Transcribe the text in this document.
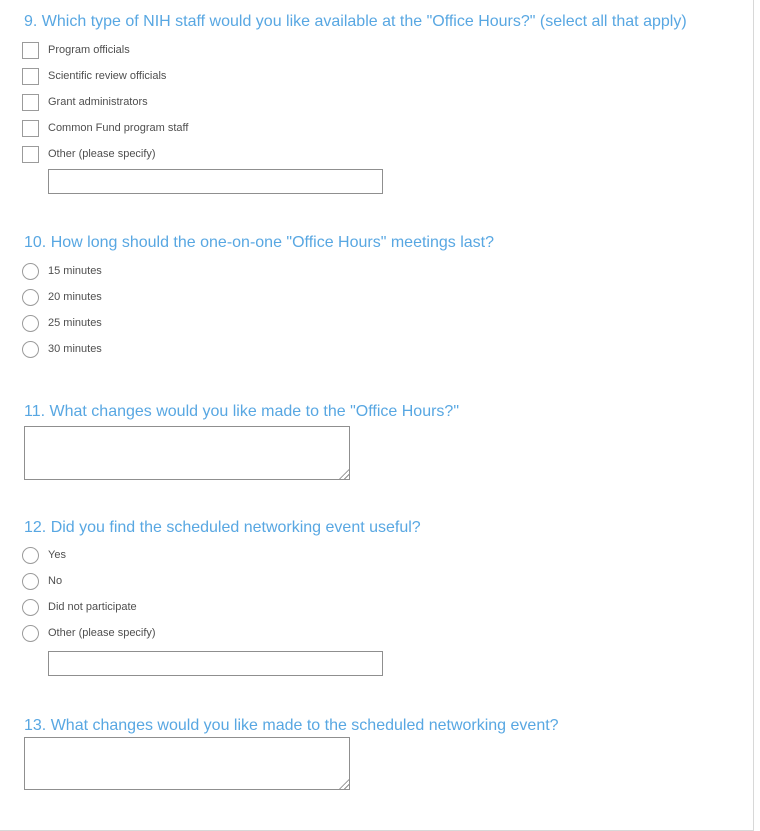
9. Which type of NIH staff would you like available at the "Office Hours?" (select all that apply)
Program officials
Scientific review officials
Grant administrators
Common Fund program staff
Other (please specify)
10. How long should the one-on-one "Office Hours" meetings last?
15 minutes
20 minutes
25 minutes
30 minutes
11. What changes would you like made to the "Office Hours?"
12. Did you find the scheduled networking event useful?
Yes
No
Did not participate
Other (please specify)
13. What changes would you like made to the scheduled networking event?
